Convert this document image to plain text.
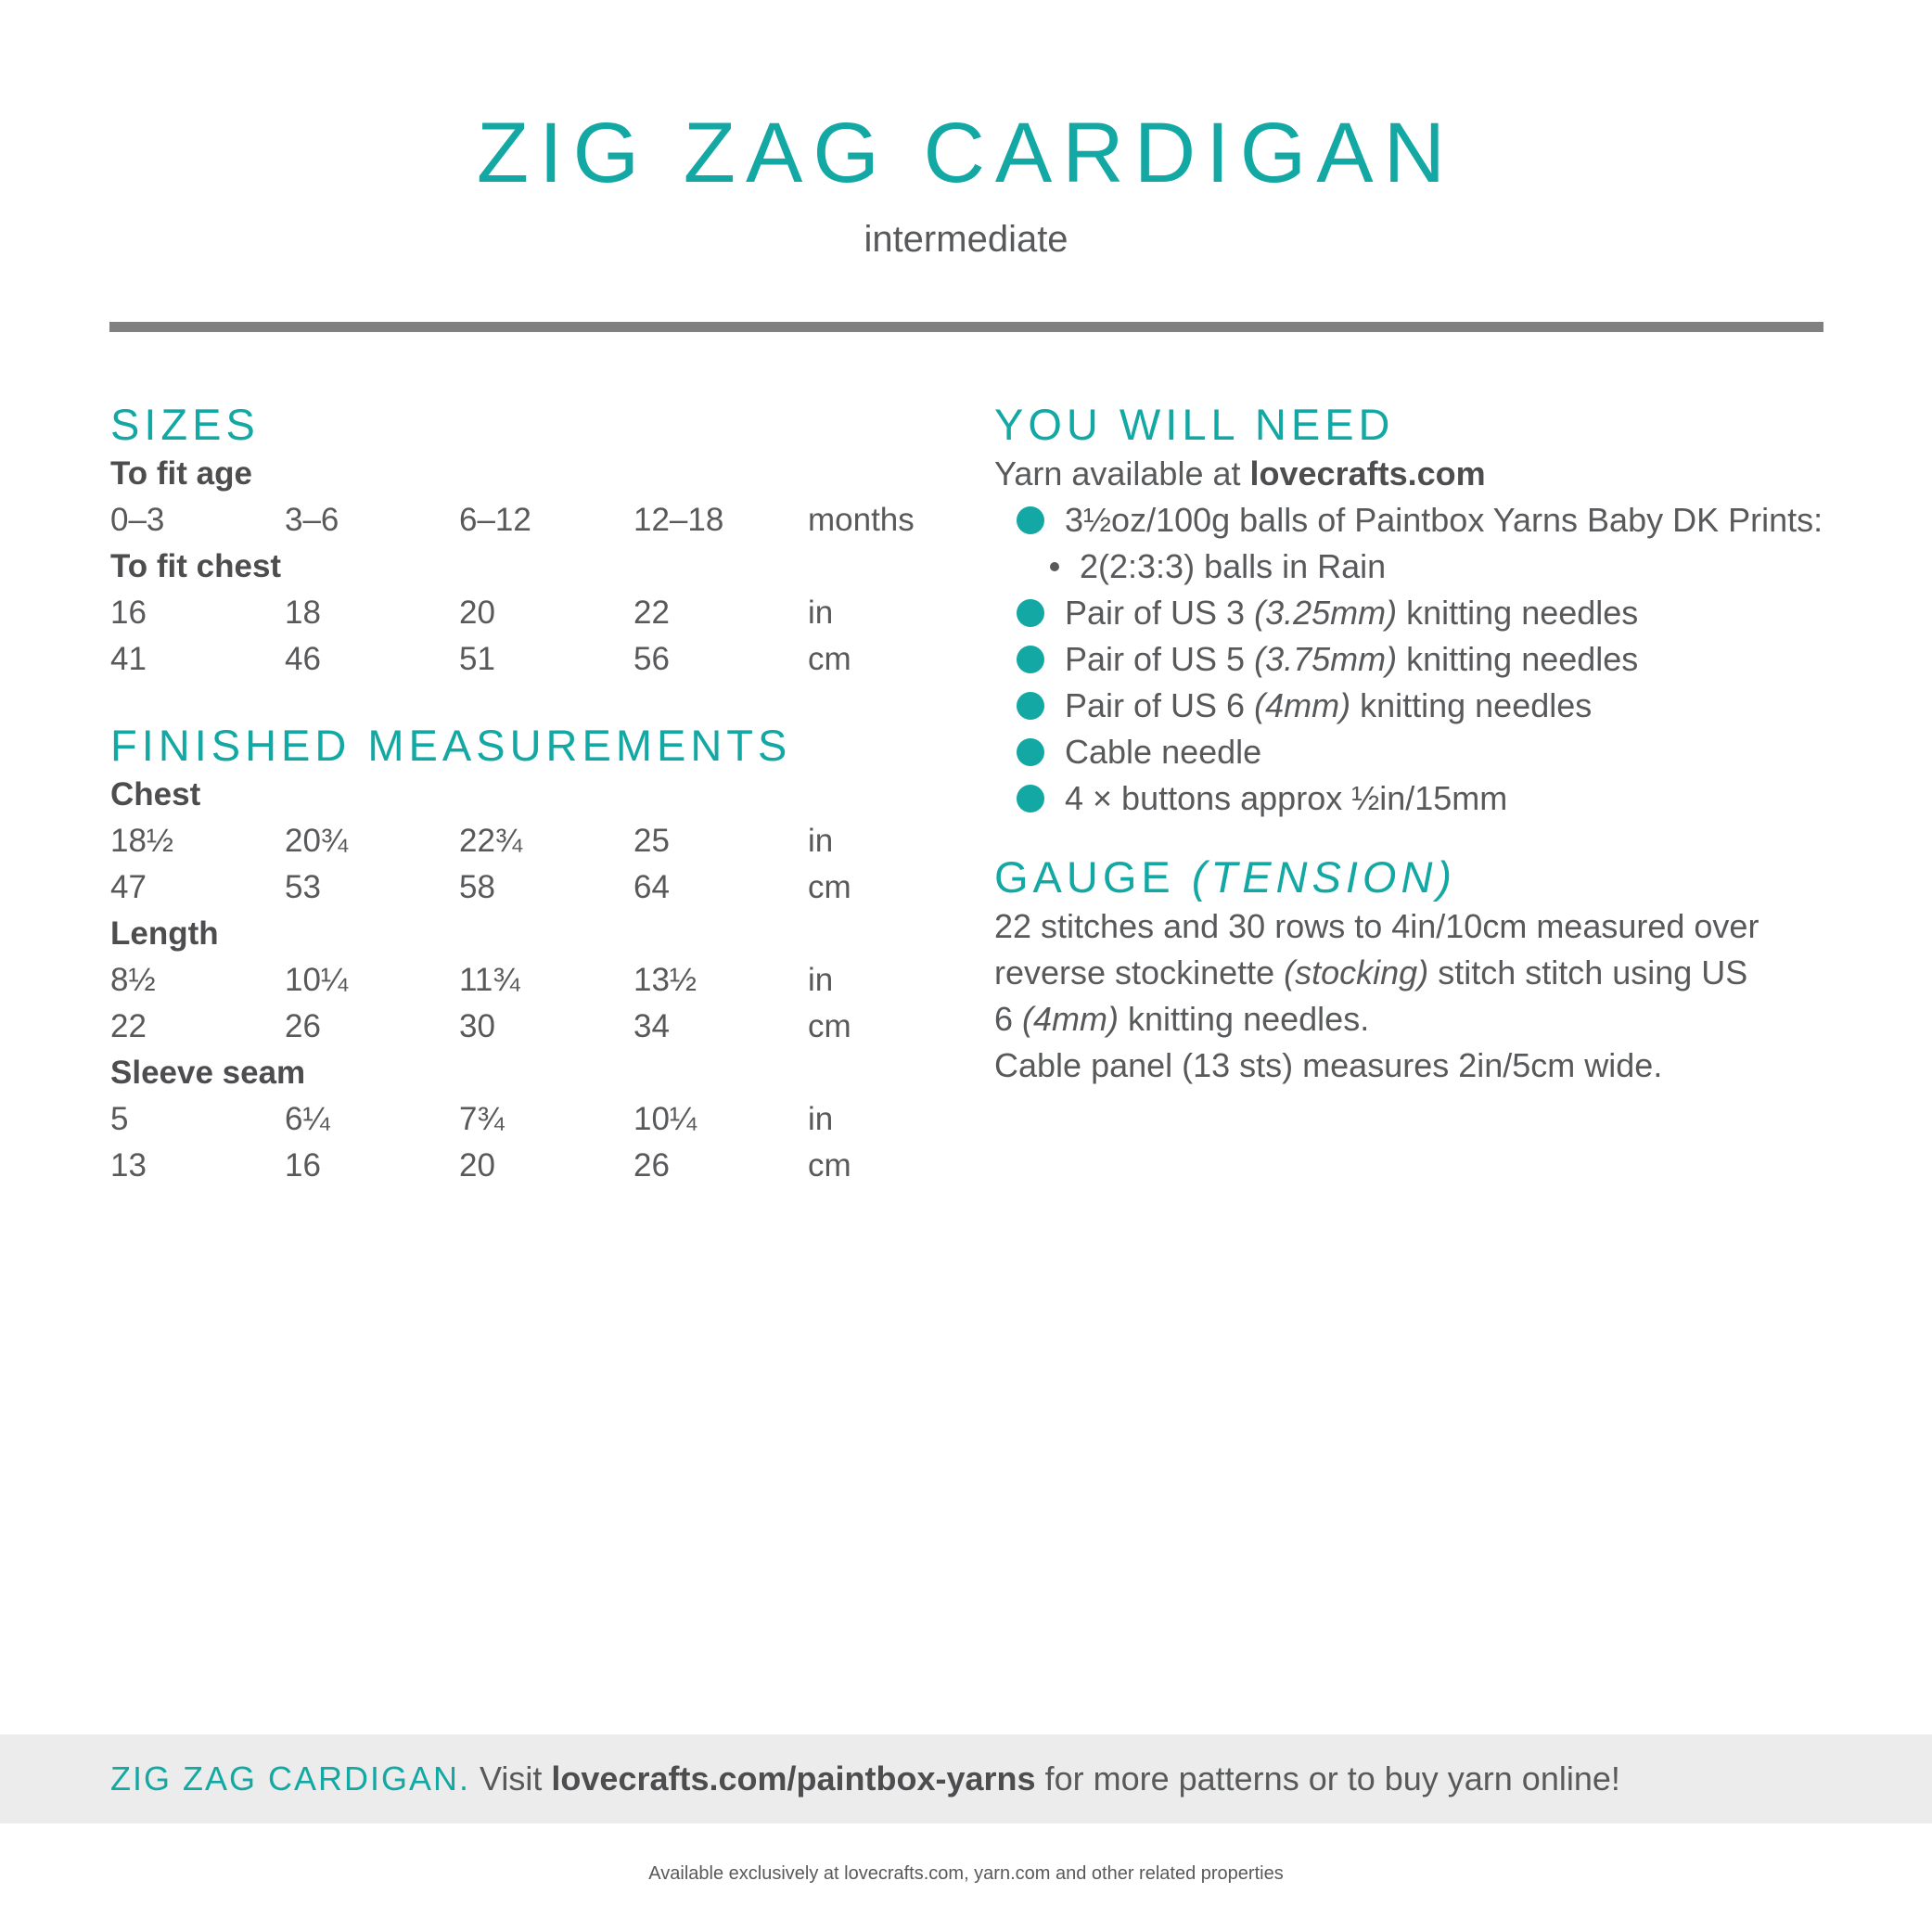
ZIG ZAG CARDIGAN
intermediate
SIZES
To fit age
0–3	3–6	6–12	12–18	months
To fit chest
16	18	20	22	in
41	46	51	56	cm
FINISHED MEASUREMENTS
Chest
18½	20¾	22¾	25	in
47	53	58	64	cm
Length
8½	10¼	11¾	13½	in
22	26	30	34	cm
Sleeve seam
5	6¼	7¾	10¼	in
13	16	20	26	cm
YOU WILL NEED
Yarn available at lovecrafts.com
3½oz/100g balls of Paintbox Yarns Baby DK Prints:
2(2:3:3) balls in Rain
Pair of US 3 (3.25mm) knitting needles
Pair of US 5 (3.75mm) knitting needles
Pair of US 6 (4mm) knitting needles
Cable needle
4 × buttons approx ½in/15mm
GAUGE (TENSION)
22 stitches and 30 rows to 4in/10cm measured over
reverse stockinette (stocking) stitch stitch using US
6 (4mm) knitting needles.
Cable panel (13 sts) measures 2in/5cm wide.
ZIG ZAG CARDIGAN. Visit lovecrafts.com/paintbox-yarns for more patterns or to buy yarn online!
Available exclusively at lovecrafts.com, yarn.com and other related properties
